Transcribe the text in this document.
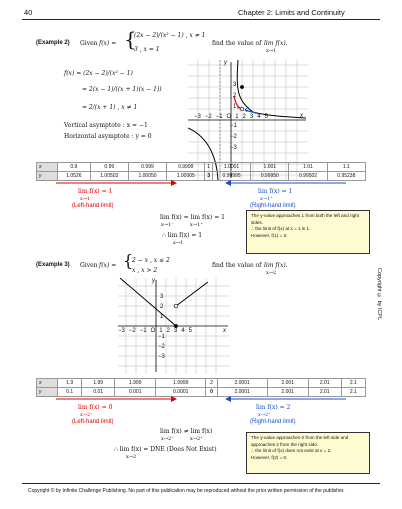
40	Chapter 2: Limits and Continuity
(Example 2) Given f(x) = {
(2x − 2)/(x² − 1) , x ≠ 1
3 , x = 1
find the value of lim f(x).
x→1
f(x) = (2x − 2)/(x² − 1)
= 2(x − 1)/((x + 1)(x − 1))
= 2/(x + 1) , x ≠ 1
Vertical asymptote : x = −1
Horizontal asymptote : y = 0
y
x
−3 −2 −1 O 1 2 3 4 5
3
2
1
−1
−2
−3
x	0.9	0.99	0.999	0.9999	1	1.0001	1.001	1.01	1.1
y	1.0526	1.00503	1.00050	1.00005	3	0.99995	0.99950	0.99502	0.95238
lim f(x) = 1
x→1⁻
(Left-hand limit)
lim f(x) = 1
x→1⁺
(Right-hand limit)
lim f(x) = lim f(x) = 1
x→1⁻	x→1⁺
∴ lim f(x) = 1
x→1
The y-value approaches 1 from both the left and right sides.
∴ the limit of f(x) at x = 1 is 1.
However, f(1) = 3.
(Example 3) Given f(x) = {
2 − x , x ≤ 2
x , x > 2
find the value of lim f(x).
x→2
y
x
−3 −2 −1 O 1 2 3 4 5
3
2
1
−1
−2
−3
x	1.9	1.99	1.999	1.9999	2	2.0001	2.001	2.01	2.1
y	0.1	0.01	0.001	0.0001	0	2.0001	2.001	2.01	2.1
lim f(x) = 0
x→2⁻
(Left-hand limit)
lim f(x) = 2
x→2⁺
(Right-hand limit)
lim f(x) ≠ lim f(x)
x→2⁻	x→2⁺
∴ lim f(x) = DNE (Does Not Exist)
x→2
The y-value approaches 0 from the left side and approaches 2 from the right side.
∴ the limit of f(x) does not exist at x = 2.
However, f(2) = 0.
Copyright © by ICPL
Copyright © by Infinite Challenge Publishing. No part of this publication may be reproduced without the prior written permission of the publisher.
